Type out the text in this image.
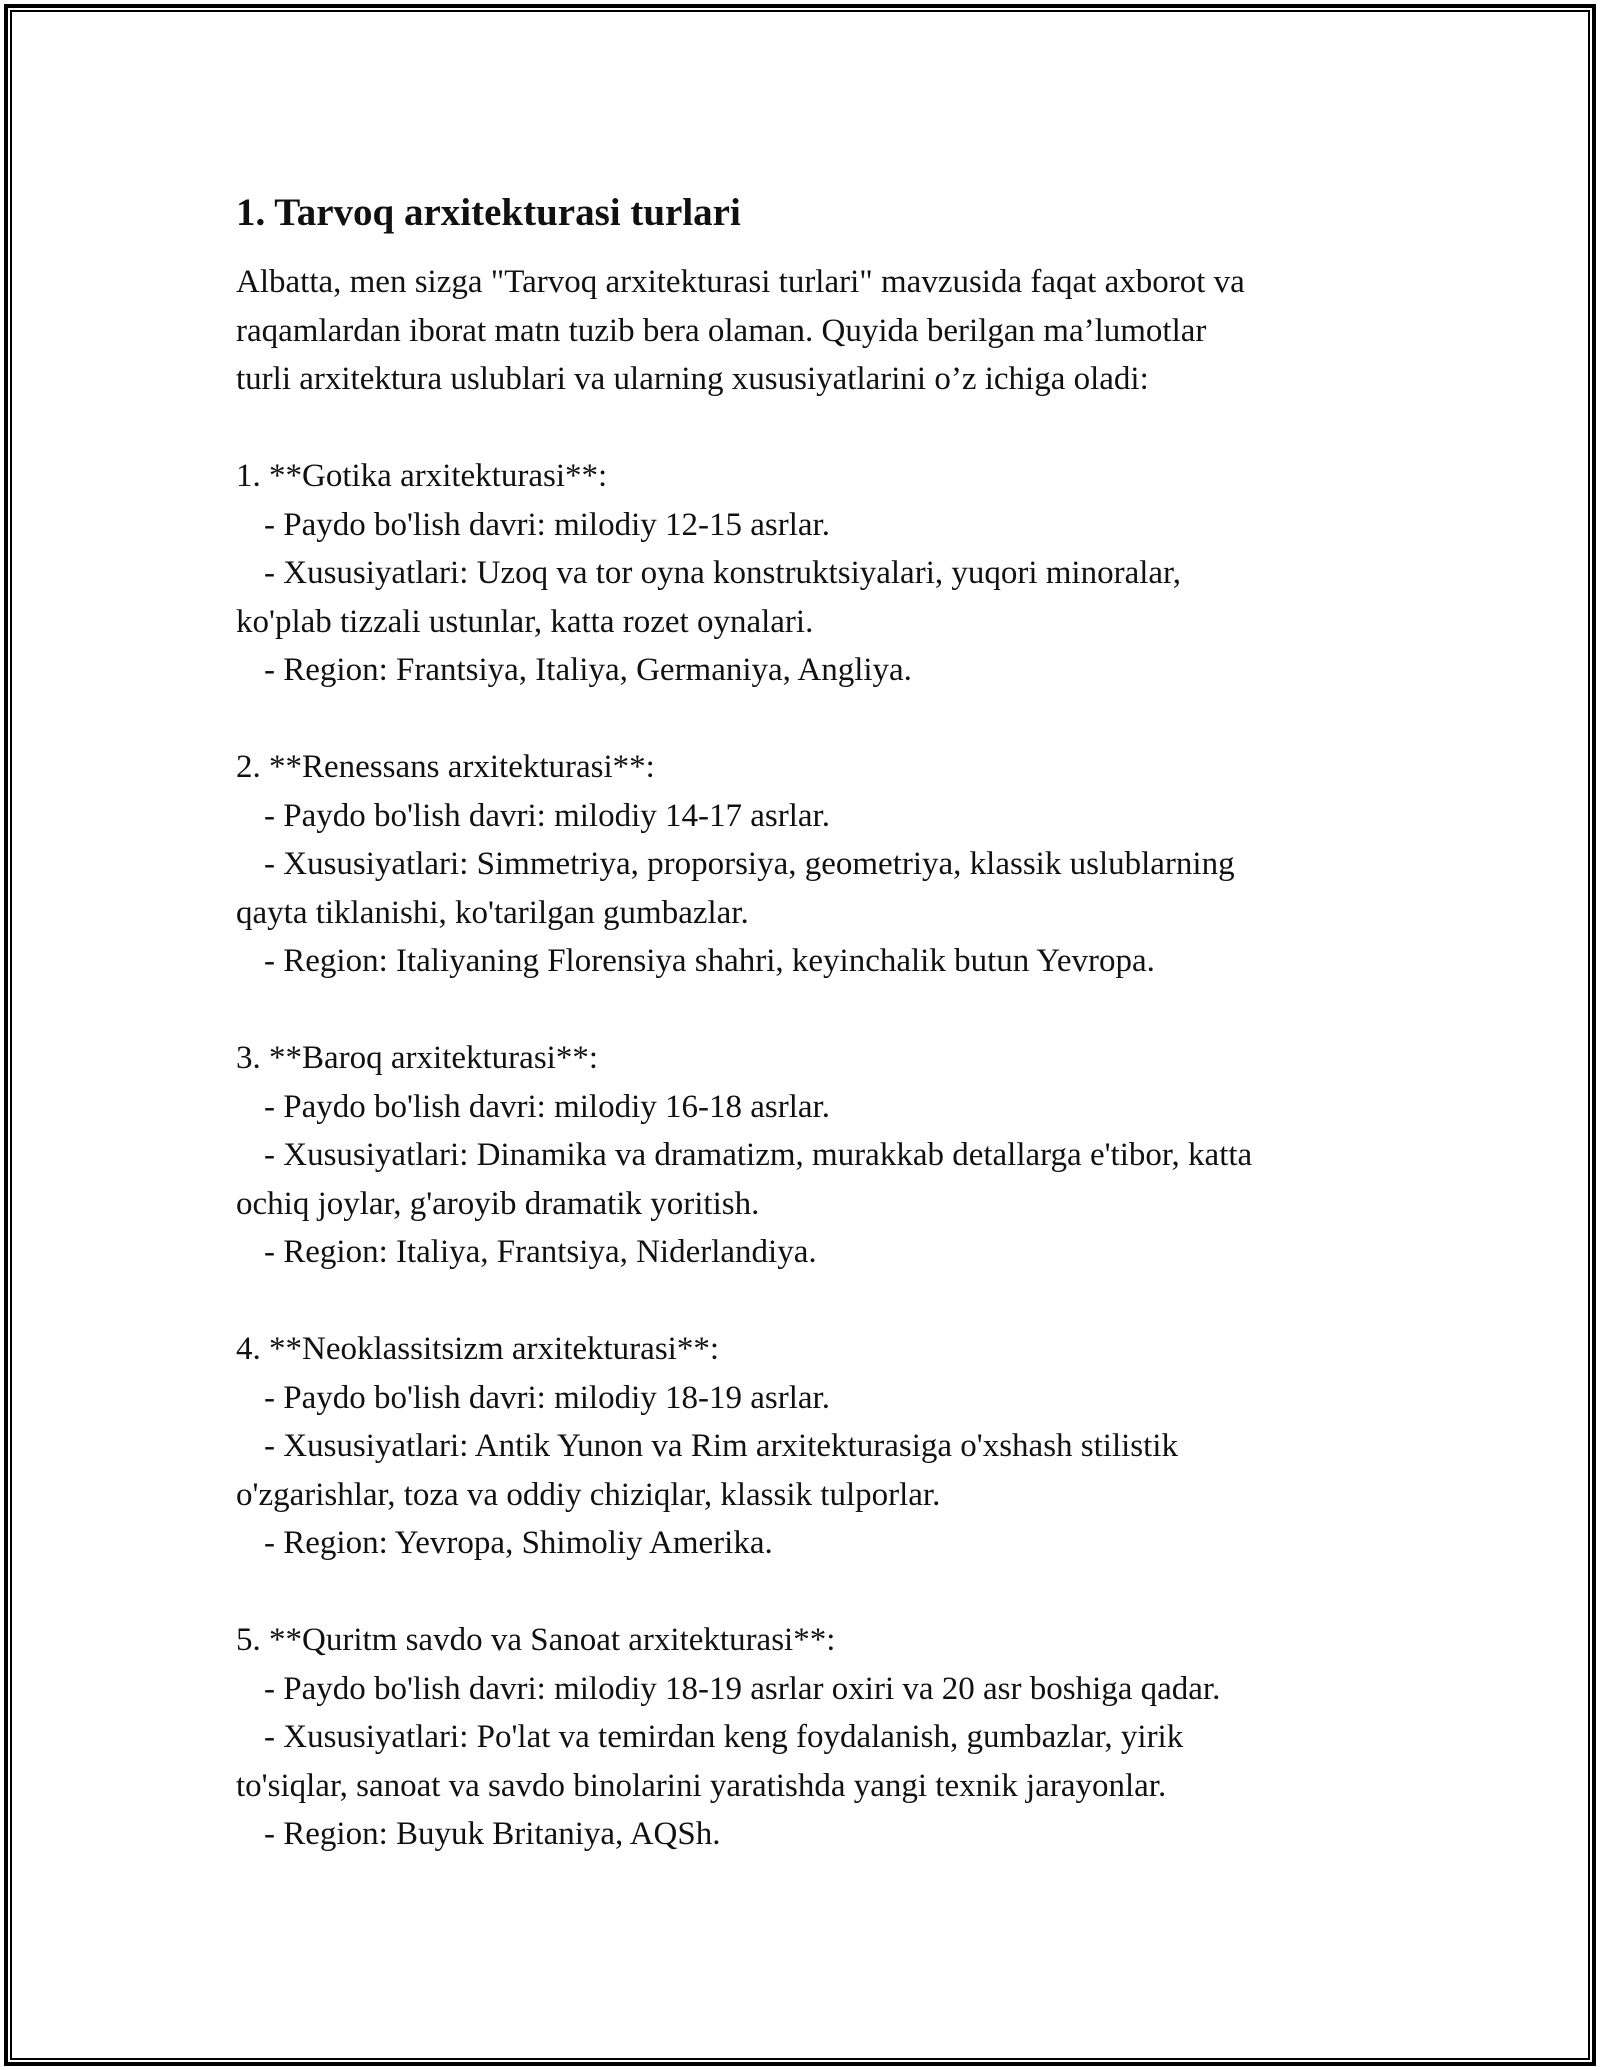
1. Tarvoq arxitekturasi turlari

Albatta, men sizga "Tarvoq arxitekturasi turlari" mavzusida faqat axborot va
raqamlardan iborat matn tuzib bera olaman. Quyida berilgan ma’lumotlar
turli arxitektura uslublari va ularning xususiyatlarini o’z ichiga oladi:

1. **Gotika arxitekturasi**:
- Paydo bo'lish davri: milodiy 12-15 asrlar.
- Xususiyatlari: Uzoq va tor oyna konstruktsiyalari, yuqori minoralar,
ko'plab tizzali ustunlar, katta rozet oynalari.
- Region: Frantsiya, Italiya, Germaniya, Angliya.
2. **Renessans arxitekturasi**:
- Paydo bo'lish davri: milodiy 14-17 asrlar.
- Xususiyatlari: Simmetriya, proporsiya, geometriya, klassik uslublarning
qayta tiklanishi, ko'tarilgan gumbazlar.
- Region: Italiyaning Florensiya shahri, keyinchalik butun Yevropa.
3. **Baroq arxitekturasi**:
- Paydo bo'lish davri: milodiy 16-18 asrlar.
- Xususiyatlari: Dinamika va dramatizm, murakkab detallarga e'tibor, katta
ochiq joylar, g'aroyib dramatik yoritish.
- Region: Italiya, Frantsiya, Niderlandiya.
4. **Neoklassitsizm arxitekturasi**:
- Paydo bo'lish davri: milodiy 18-19 asrlar.
- Xususiyatlari: Antik Yunon va Rim arxitekturasiga o'xshash stilistik
o'zgarishlar, toza va oddiy chiziqlar, klassik tulporlar.
- Region: Yevropa, Shimoliy Amerika.
5. **Quritm savdo va Sanoat arxitekturasi**:
- Paydo bo'lish davri: milodiy 18-19 asrlar oxiri va 20 asr boshiga qadar.
- Xususiyatlari: Po'lat va temirdan keng foydalanish, gumbazlar, yirik
to'siqlar, sanoat va savdo binolarini yaratishda yangi texnik jarayonlar.
- Region: Buyuk Britaniya, AQSh.
